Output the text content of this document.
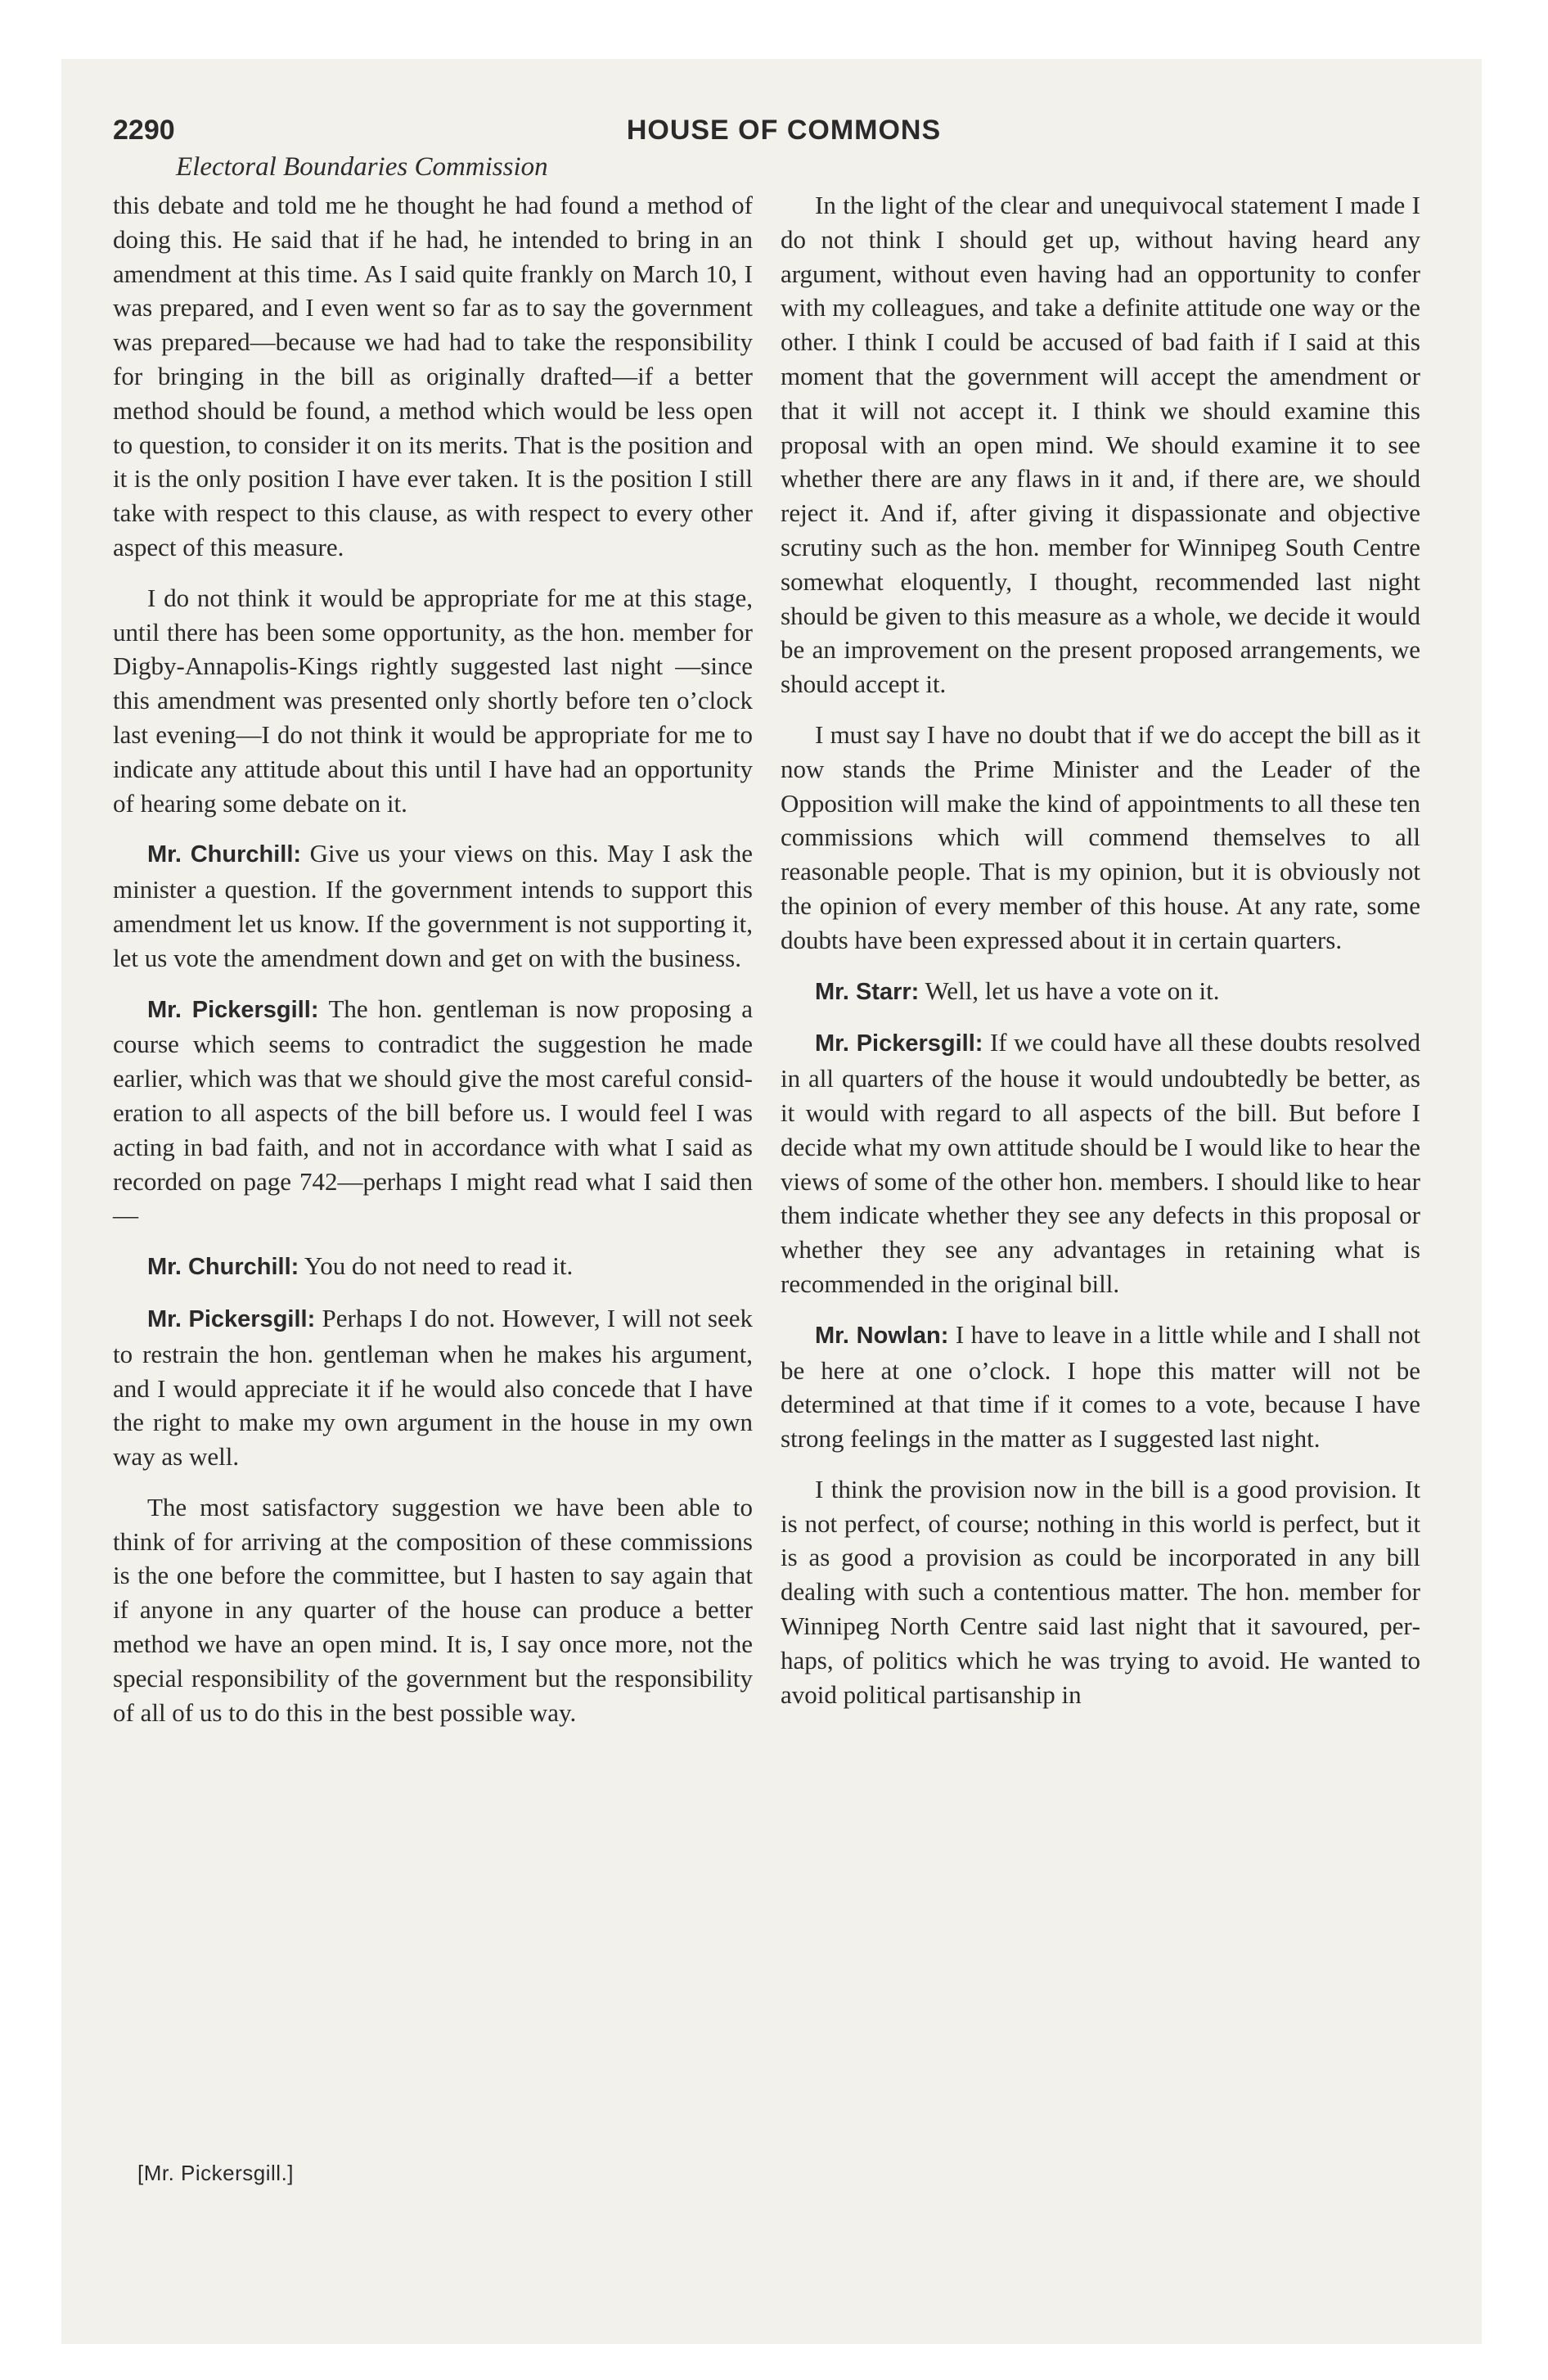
2290	HOUSE OF COMMONS
Electoral Boundaries Commission

this debate and told me he thought he had found a method of doing this. He said that if he had, he intended to bring in an amendment at this time. As I said quite frankly on March 10, I was prepared, and I even went so far as to say the government was prepared—because we had had to take the responsibility for bringing in the bill as originally drafted—if a better method should be found, a method which would be less open to question, to consider it on its merits. That is the position and it is the only position I have ever taken. It is the position I still take with respect to this clause, as with respect to every other aspect of this measure.

I do not think it would be appropriate for me at this stage, until there has been some opportunity, as the hon. member for Digby-Annapolis-Kings rightly suggested last night —since this amendment was presented only shortly before ten o’clock last evening—I do not think it would be appropriate for me to indicate any attitude about this until I have had an opportunity of hearing some debate on it.

Mr. Churchill: Give us your views on this. May I ask the minister a question. If the government intends to support this amendment let us know. If the government is not supporting it, let us vote the amendment down and get on with the business.

Mr. Pickersgill: The hon. gentleman is now proposing a course which seems to contradict the suggestion he made earlier, which was that we should give the most careful consideration to all aspects of the bill before us. I would feel I was acting in bad faith, and not in accordance with what I said as recorded on page 742—perhaps I might read what I said then—

Mr. Churchill: You do not need to read it.

Mr. Pickersgill: Perhaps I do not. However, I will not seek to restrain the hon. gentleman when he makes his argument, and I would appreciate it if he would also concede that I have the right to make my own argument in the house in my own way as well.

The most satisfactory suggestion we have been able to think of for arriving at the composition of these commissions is the one before the committee, but I hasten to say again that if anyone in any quarter of the house can produce a better method we have an open mind. It is, I say once more, not the special responsibility of the government but the responsibility of all of us to do this in the best possible way.

In the light of the clear and unequivocal statement I made I do not think I should get up, without having heard any argument, without even having had an opportunity to confer with my colleagues, and take a definite attitude one way or the other. I think I could be accused of bad faith if I said at this moment that the government will accept the amendment or that it will not accept it. I think we should examine this proposal with an open mind. We should examine it to see whether there are any flaws in it and, if there are, we should reject it. And if, after giving it dispassionate and objective scrutiny such as the hon. member for Winnipeg South Centre somewhat eloquently, I thought, recommended last night should be given to this measure as a whole, we decide it would be an improvement on the present proposed arrangements, we should accept it.

I must say I have no doubt that if we do accept the bill as it now stands the Prime Minister and the Leader of the Opposition will make the kind of appointments to all these ten commissions which will commend themselves to all reasonable people. That is my opinion, but it is obviously not the opinion of every member of this house. At any rate, some doubts have been expressed about it in certain quarters.

Mr. Starr: Well, let us have a vote on it.

Mr. Pickersgill: If we could have all these doubts resolved in all quarters of the house it would undoubtedly be better, as it would with regard to all aspects of the bill. But before I decide what my own attitude should be I would like to hear the views of some of the other hon. members. I should like to hear them indicate whether they see any defects in this proposal or whether they see any advantages in retaining what is recommended in the original bill.

Mr. Nowlan: I have to leave in a little while and I shall not be here at one o’clock. I hope this matter will not be determined at that time if it comes to a vote, because I have strong feelings in the matter as I suggested last night.

I think the provision now in the bill is a good provision. It is not perfect, of course; nothing in this world is perfect, but it is as good a provision as could be incorporated in any bill dealing with such a contentious matter. The hon. member for Winnipeg North Centre said last night that it savoured, perhaps, of politics which he was trying to avoid. He wanted to avoid political partisanship in

[Mr. Pickersgill.]
